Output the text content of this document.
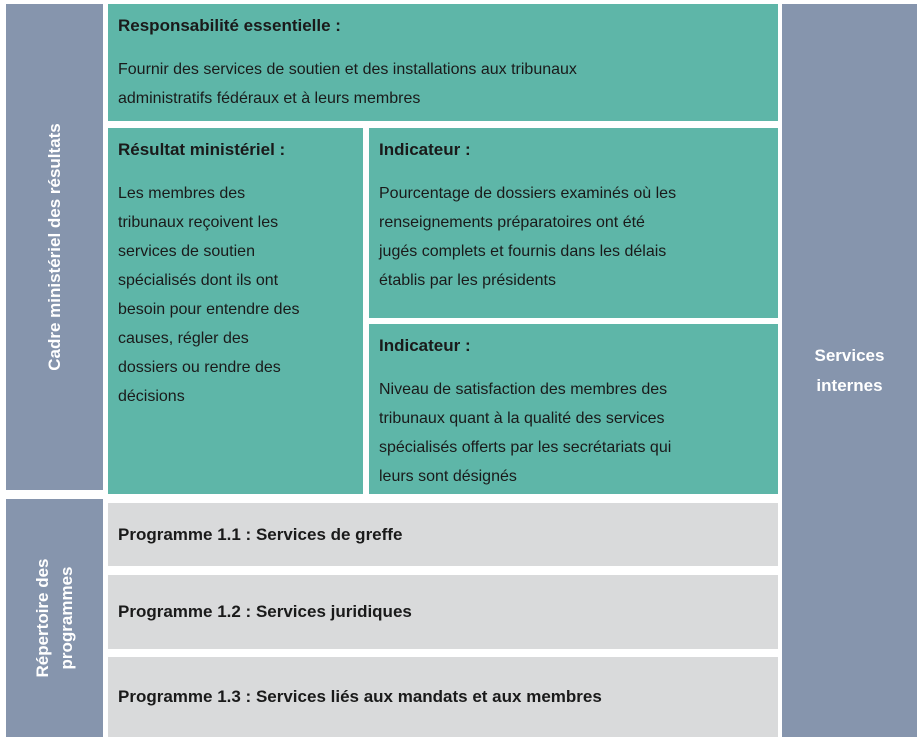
Cadre ministériel des résultats
Répertoire des
programmes
Services
internes
Responsabilité essentielle :

Fournir des services de soutien et des installations aux tribunaux
administratifs fédéraux et à leurs membres

Résultat ministériel :

Les membres des
tribunaux reçoivent les
services de soutien
spécialisés dont ils ont
besoin pour entendre des
causes, régler des
dossiers ou rendre des
décisions

Indicateur :

Pourcentage de dossiers examinés où les
renseignements préparatoires ont été
jugés complets et fournis dans les délais
établis par les présidents

Indicateur :

Niveau de satisfaction des membres des
tribunaux quant à la qualité des services
spécialisés offerts par les secrétariats qui
leurs sont désignés

Programme 1.1 : Services de greffe
Programme 1.2 : Services juridiques
Programme 1.3 : Services liés aux mandats et aux membres
